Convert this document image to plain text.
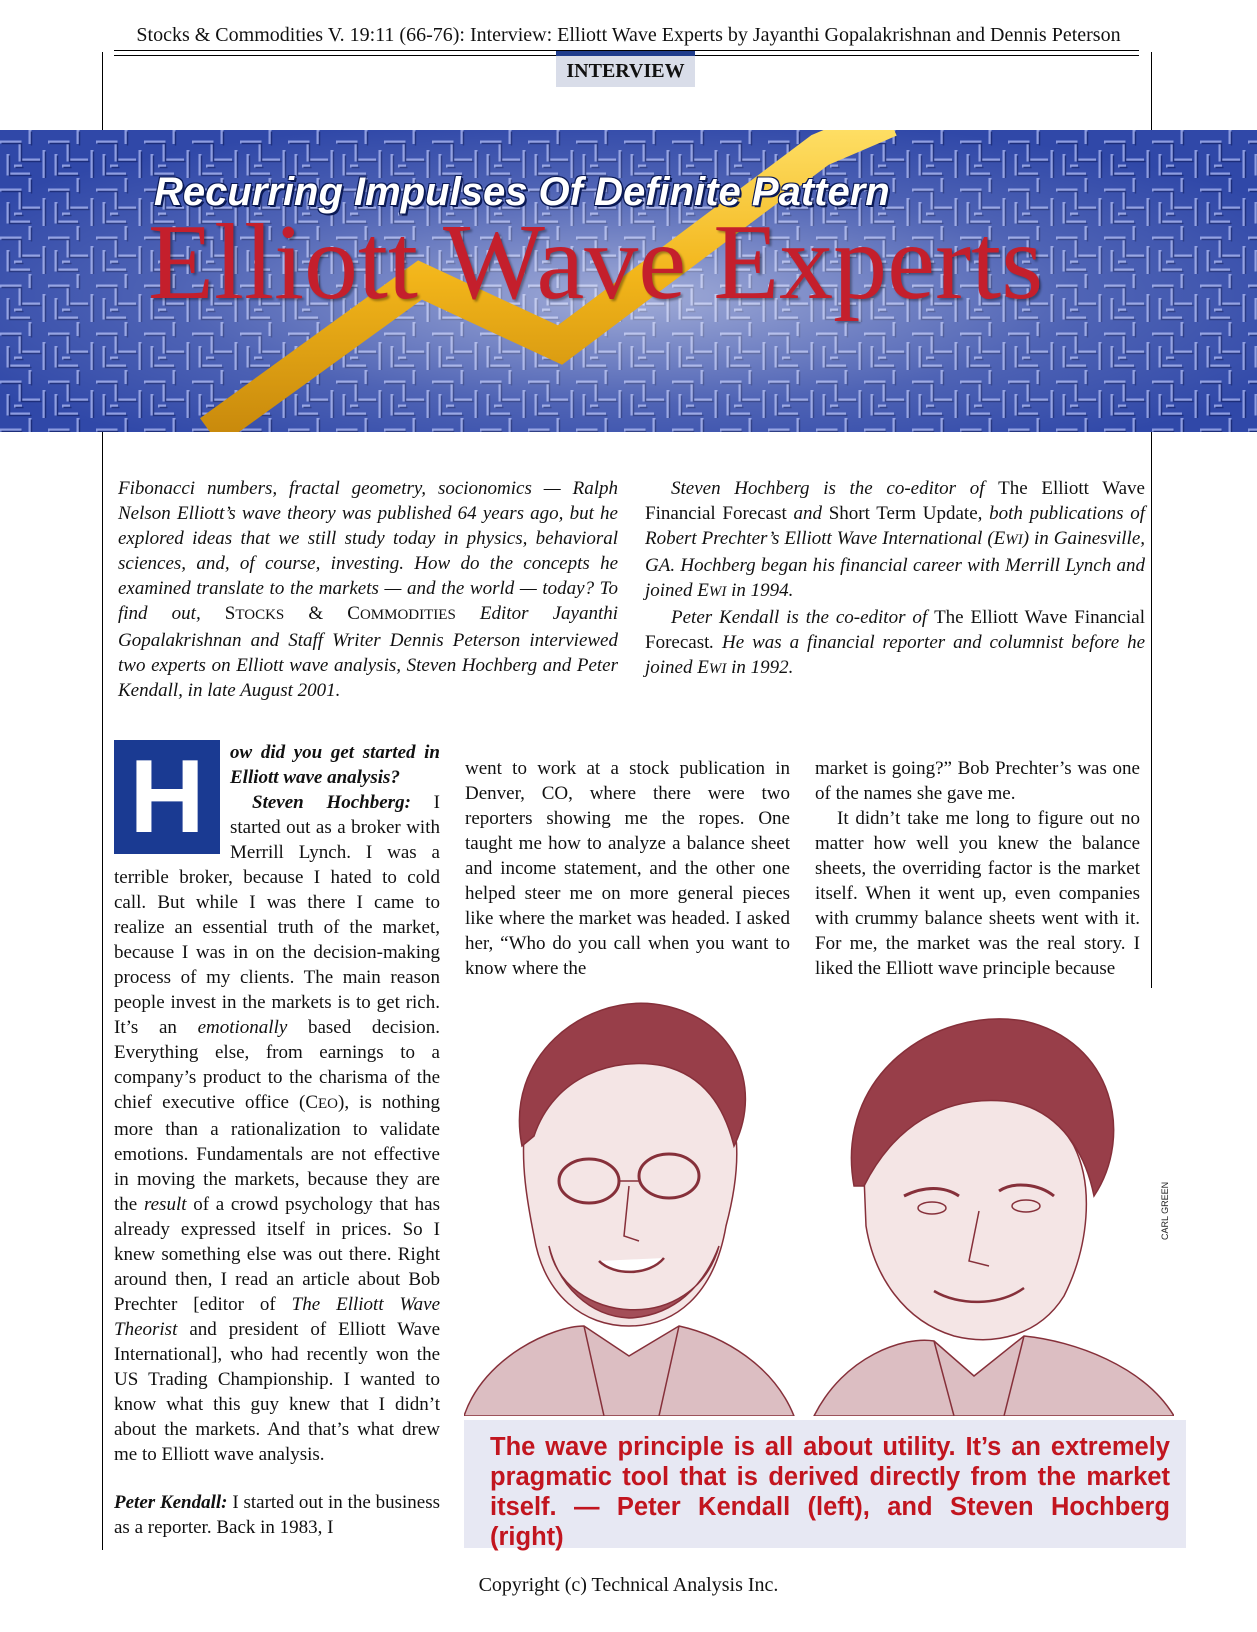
Stocks & Commodities V. 19:11 (66-76): Interview: Elliott Wave Experts by Jayanthi Gopalakrishnan and Dennis Peterson
INTERVIEW
Recurring Impulses Of Definite Pattern
Elliott Wave Experts

Fibonacci numbers, fractal geometry, socionomics — Ralph Nelson Elliott’s wave theory was published 64 years ago, but he explored ideas that we still study today in physics, behavioral sciences, and, of course, investing. How do the concepts he examined translate to the markets — and the world — today? To find out, STOCKS & COMMODITIES Editor Jayanthi Gopalakrishnan and Staff Writer Dennis Peterson interviewed two experts on Elliott wave analysis, Steven Hochberg and Peter Kendall, in late August 2001.

Steven Hochberg is the co-editor of The Elliott Wave Financial Forecast and Short Term Update, both publications of Robert Prechter’s Elliott Wave International (EWI) in Gainesville, GA. Hochberg began his financial career with Merrill Lynch and joined EWI in 1994.

Peter Kendall is the co-editor of The Elliott Wave Financial Forecast. He was a financial reporter and columnist before he joined EWI in 1992.

H	ow did you get started in Elliott wave analysis?

Steven Hochberg: I started out as a broker with Merrill Lynch. I was a terrible broker, because I hated to cold call. But while I was there I came to realize an essential truth of the market, because I was in on the decision-making process of my clients. The main reason people invest in the markets is to get rich. It’s an emotionally based decision. Everything else, from earnings to a company’s product to the charisma of the chief executive office (CEO), is nothing more than a rationalization to validate emotions. Fundamentals are not effective in moving the markets, because they are the result of a crowd psychology that has already expressed itself in prices. So I knew something else was out there. Right around then, I read an article about Bob Prechter [editor of The Elliott Wave Theorist and president of Elliott Wave International], who had recently won the US Trading Championship. I wanted to know what this guy knew that I didn’t about the markets. And that’s what drew me to Elliott wave analysis.

Peter Kendall: I started out in the business as a reporter. Back in 1983, I

went to work at a stock publication in Denver, CO, where there were two reporters showing me the ropes. One taught me how to analyze a balance sheet and income statement, and the other one helped steer me on more general pieces like where the market was headed. I asked her, “Who do you call when you want to know where the

market is going?” Bob Prechter’s was one of the names she gave me.

It didn’t take me long to figure out no matter how well you knew the balance sheets, the overriding factor is the market itself. When it went up, even companies with crummy balance sheets went with it. For me, the market was the real story. I liked the Elliott wave principle because

CARL GREEN
The wave principle is all about utility. It’s an extremely pragmatic tool that is derived directly from the market itself. — Peter Kendall (left), and Steven Hochberg (right)
Copyright (c) Technical Analysis Inc.
